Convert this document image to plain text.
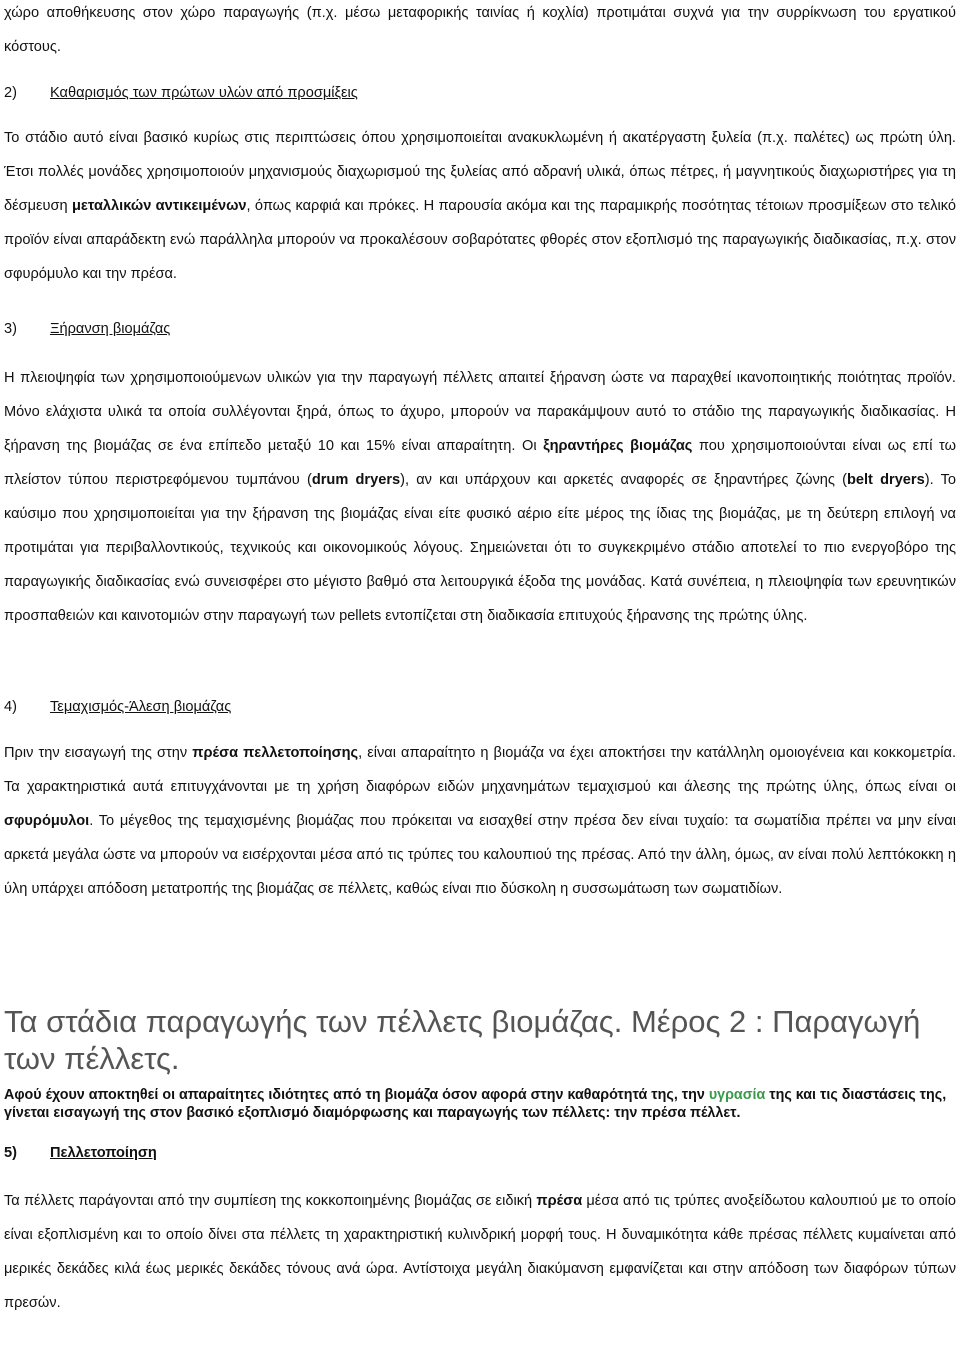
χώρο αποθήκευσης στον χώρο παραγωγής (π.χ. μέσω μεταφορικής ταινίας ή κοχλία) προτιμάται συχνά για την συρρίκνωση του εργατικού κόστους.

2) Καθαρισμός των πρώτων υλών από προσμίξεις

Το στάδιο αυτό είναι βασικό κυρίως στις περιπτώσεις όπου χρησιμοποιείται ανακυκλωμένη ή ακατέργαστη ξυλεία (π.χ. παλέτες) ως πρώτη ύλη. Έτσι πολλές μονάδες χρησιμοποιούν μηχανισμούς διαχωρισμού της ξυλείας από αδρανή υλικά, όπως πέτρες, ή μαγνητικούς διαχωριστήρες για τη δέσμευση μεταλλικών αντικειμένων, όπως καρφιά και πρόκες. Η παρουσία ακόμα και της παραμικρής ποσότητας τέτοιων προσμίξεων στο τελικό προϊόν είναι απαράδεκτη ενώ παράλληλα μπορούν να προκαλέσουν σοβαρότατες φθορές στον εξοπλισμό της παραγωγικής διαδικασίας, π.χ. στον σφυρόμυλο και την πρέσα.

3) Ξήρανση βιομάζας

Η πλειοψηφία των χρησιμοποιούμενων υλικών για την παραγωγή πέλλετς απαιτεί ξήρανση ώστε να παραχθεί ικανοποιητικής ποιότητας προϊόν. Μόνο ελάχιστα υλικά τα οποία συλλέγονται ξηρά, όπως το άχυρο, μπορούν να παρακάμψουν αυτό το στάδιο της παραγωγικής διαδικασίας. Η ξήρανση της βιομάζας σε ένα επίπεδο μεταξύ 10 και 15% είναι απαραίτητη. Οι ξηραντήρες βιομάζας που χρησιμοποιούνται είναι ως επί τω πλείστον τύπου περιστρεφόμενου τυμπάνου (drum dryers), αν και υπάρχουν και αρκετές αναφορές σε ξηραντήρες ζώνης (belt dryers). Το καύσιμο που χρησιμοποιείται για την ξήρανση της βιομάζας είναι είτε φυσικό αέριο είτε μέρος της ίδιας της βιομάζας, με τη δεύτερη επιλογή να προτιμάται για περιβαλλοντικούς, τεχνικούς και οικονομικούς λόγους. Σημειώνεται ότι το συγκεκριμένο στάδιο αποτελεί το πιο ενεργοβόρο της παραγωγικής διαδικασίας ενώ συνεισφέρει στο μέγιστο βαθμό στα λειτουργικά έξοδα της μονάδας. Κατά συνέπεια, η πλειοψηφία των ερευνητικών προσπαθειών και καινοτομιών στην παραγωγή των pellets εντοπίζεται στη διαδικασία επιτυχούς ξήρανσης της πρώτης ύλης.

4) Τεμαχισμός-Άλεση βιομάζας

Πριν την εισαγωγή της στην πρέσα πελλετοποίησης, είναι απαραίτητο η βιομάζα να έχει αποκτήσει την κατάλληλη ομοιογένεια και κοκκομετρία. Τα χαρακτηριστικά αυτά επιτυγχάνονται με τη χρήση διαφόρων ειδών μηχανημάτων τεμαχισμού και άλεσης της πρώτης ύλης, όπως είναι οι σφυρόμυλοι. Το μέγεθος της τεμαχισμένης βιομάζας που πρόκειται να εισαχθεί στην πρέσα δεν είναι τυχαίο: τα σωματίδια πρέπει να μην είναι αρκετά μεγάλα ώστε να μπορούν να εισέρχονται μέσα από τις τρύπες του καλουπιού της πρέσας. Από την άλλη, όμως, αν είναι πολύ λεπτόκοκκη η ύλη υπάρχει απόδοση μετατροπής της βιομάζας σε πέλλετς, καθώς είναι πιο δύσκολη η συσσωμάτωση των σωματιδίων.

Τα στάδια παραγωγής των πέλλετς βιομάζας. Μέρος 2 : Παραγωγή των πέλλετς.

Αφού έχουν αποκτηθεί οι απαραίτητες ιδιότητες από τη βιομάζα όσον αφορά στην καθαρότητά της, την υγρασία της και τις διαστάσεις της, γίνεται εισαγωγή της στον βασικό εξοπλισμό διαμόρφωσης και παραγωγής των πέλλετς: την πρέσα πέλλετ.

5) Πελλετοποίηση

Τα πέλλετς παράγονται από την συμπίεση της κοκκοποιημένης βιομάζας σε ειδική πρέσα μέσα από τις τρύπες ανοξείδωτου καλουπιού με το οποίο είναι εξοπλισμένη και το οποίο δίνει στα πέλλετς τη χαρακτηριστική κυλινδρική μορφή τους. Η δυναμικότητα κάθε πρέσας πέλλετς κυμαίνεται από μερικές δεκάδες κιλά έως μερικές δεκάδες τόνους ανά ώρα. Αντίστοιχα μεγάλη διακύμανση εμφανίζεται και στην απόδοση των διαφόρων τύπων πρεσών.
